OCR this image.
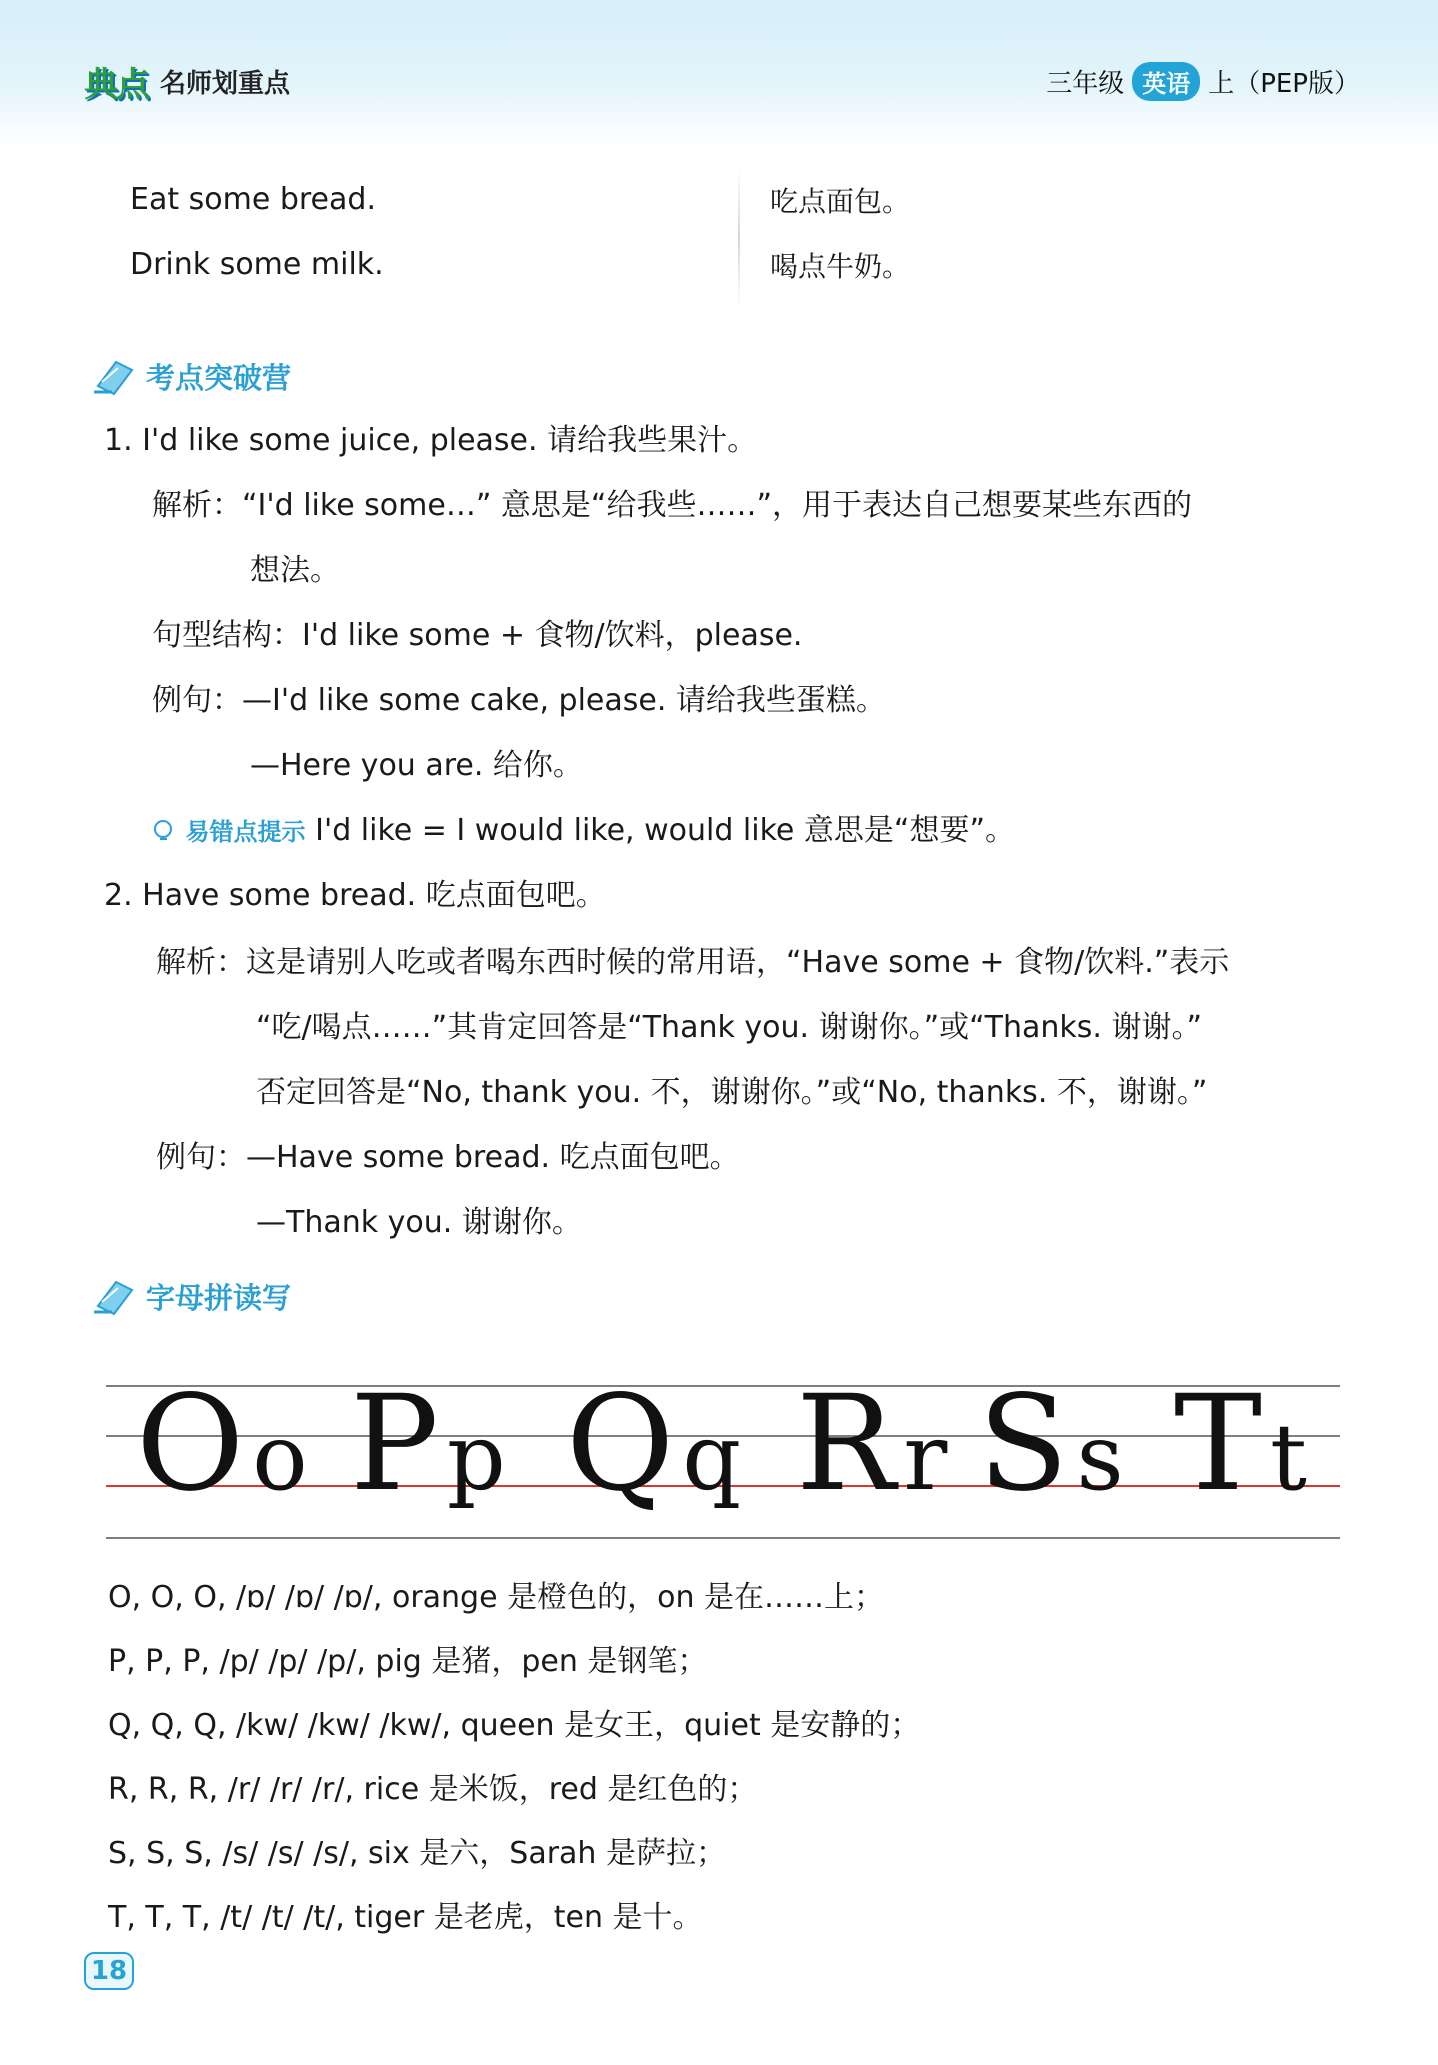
典点 名师划重点	三年级 英语 上（PEP版）
Eat some bread.	吃点面包。
Drink some milk.	喝点牛奶。
考点突破营
1. I'd like some juice, please. 请给我些果汁。
解析：“I'd like some…” 意思是“给我些……”，用于表达自己想要某些东西的
想法。
句型结构：I'd like some + 食物/饮料，please.
例句：—I'd like some cake, please. 请给我些蛋糕。
—Here you are. 给你。
易错点提示 I'd like = I would like, would like 意思是“想要”。
2. Have some bread. 吃点面包吧。
解析：这是请别人吃或者喝东西时候的常用语，“Have some + 食物/饮料.”表示
“吃/喝点……”其肯定回答是“Thank you. 谢谢你。”或“Thanks. 谢谢。”
否定回答是“No, thank you. 不，谢谢你。”或“No, thanks. 不，谢谢。”
例句：—Have some bread. 吃点面包吧。
—Thank you. 谢谢你。
字母拼读写
Oo Pp Qq Rr Ss Tt
O, O, O, /ɒ/ /ɒ/ /ɒ/, orange 是橙色的，on 是在……上；
P, P, P, /p/ /p/ /p/, pig 是猪，pen 是钢笔；
Q, Q, Q, /kw/ /kw/ /kw/, queen 是女王，quiet 是安静的；
R, R, R, /r/ /r/ /r/, rice 是米饭，red 是红色的；
S, S, S, /s/ /s/ /s/, six 是六，Sarah 是萨拉；
T, T, T, /t/ /t/ /t/, tiger 是老虎，ten 是十。
18
